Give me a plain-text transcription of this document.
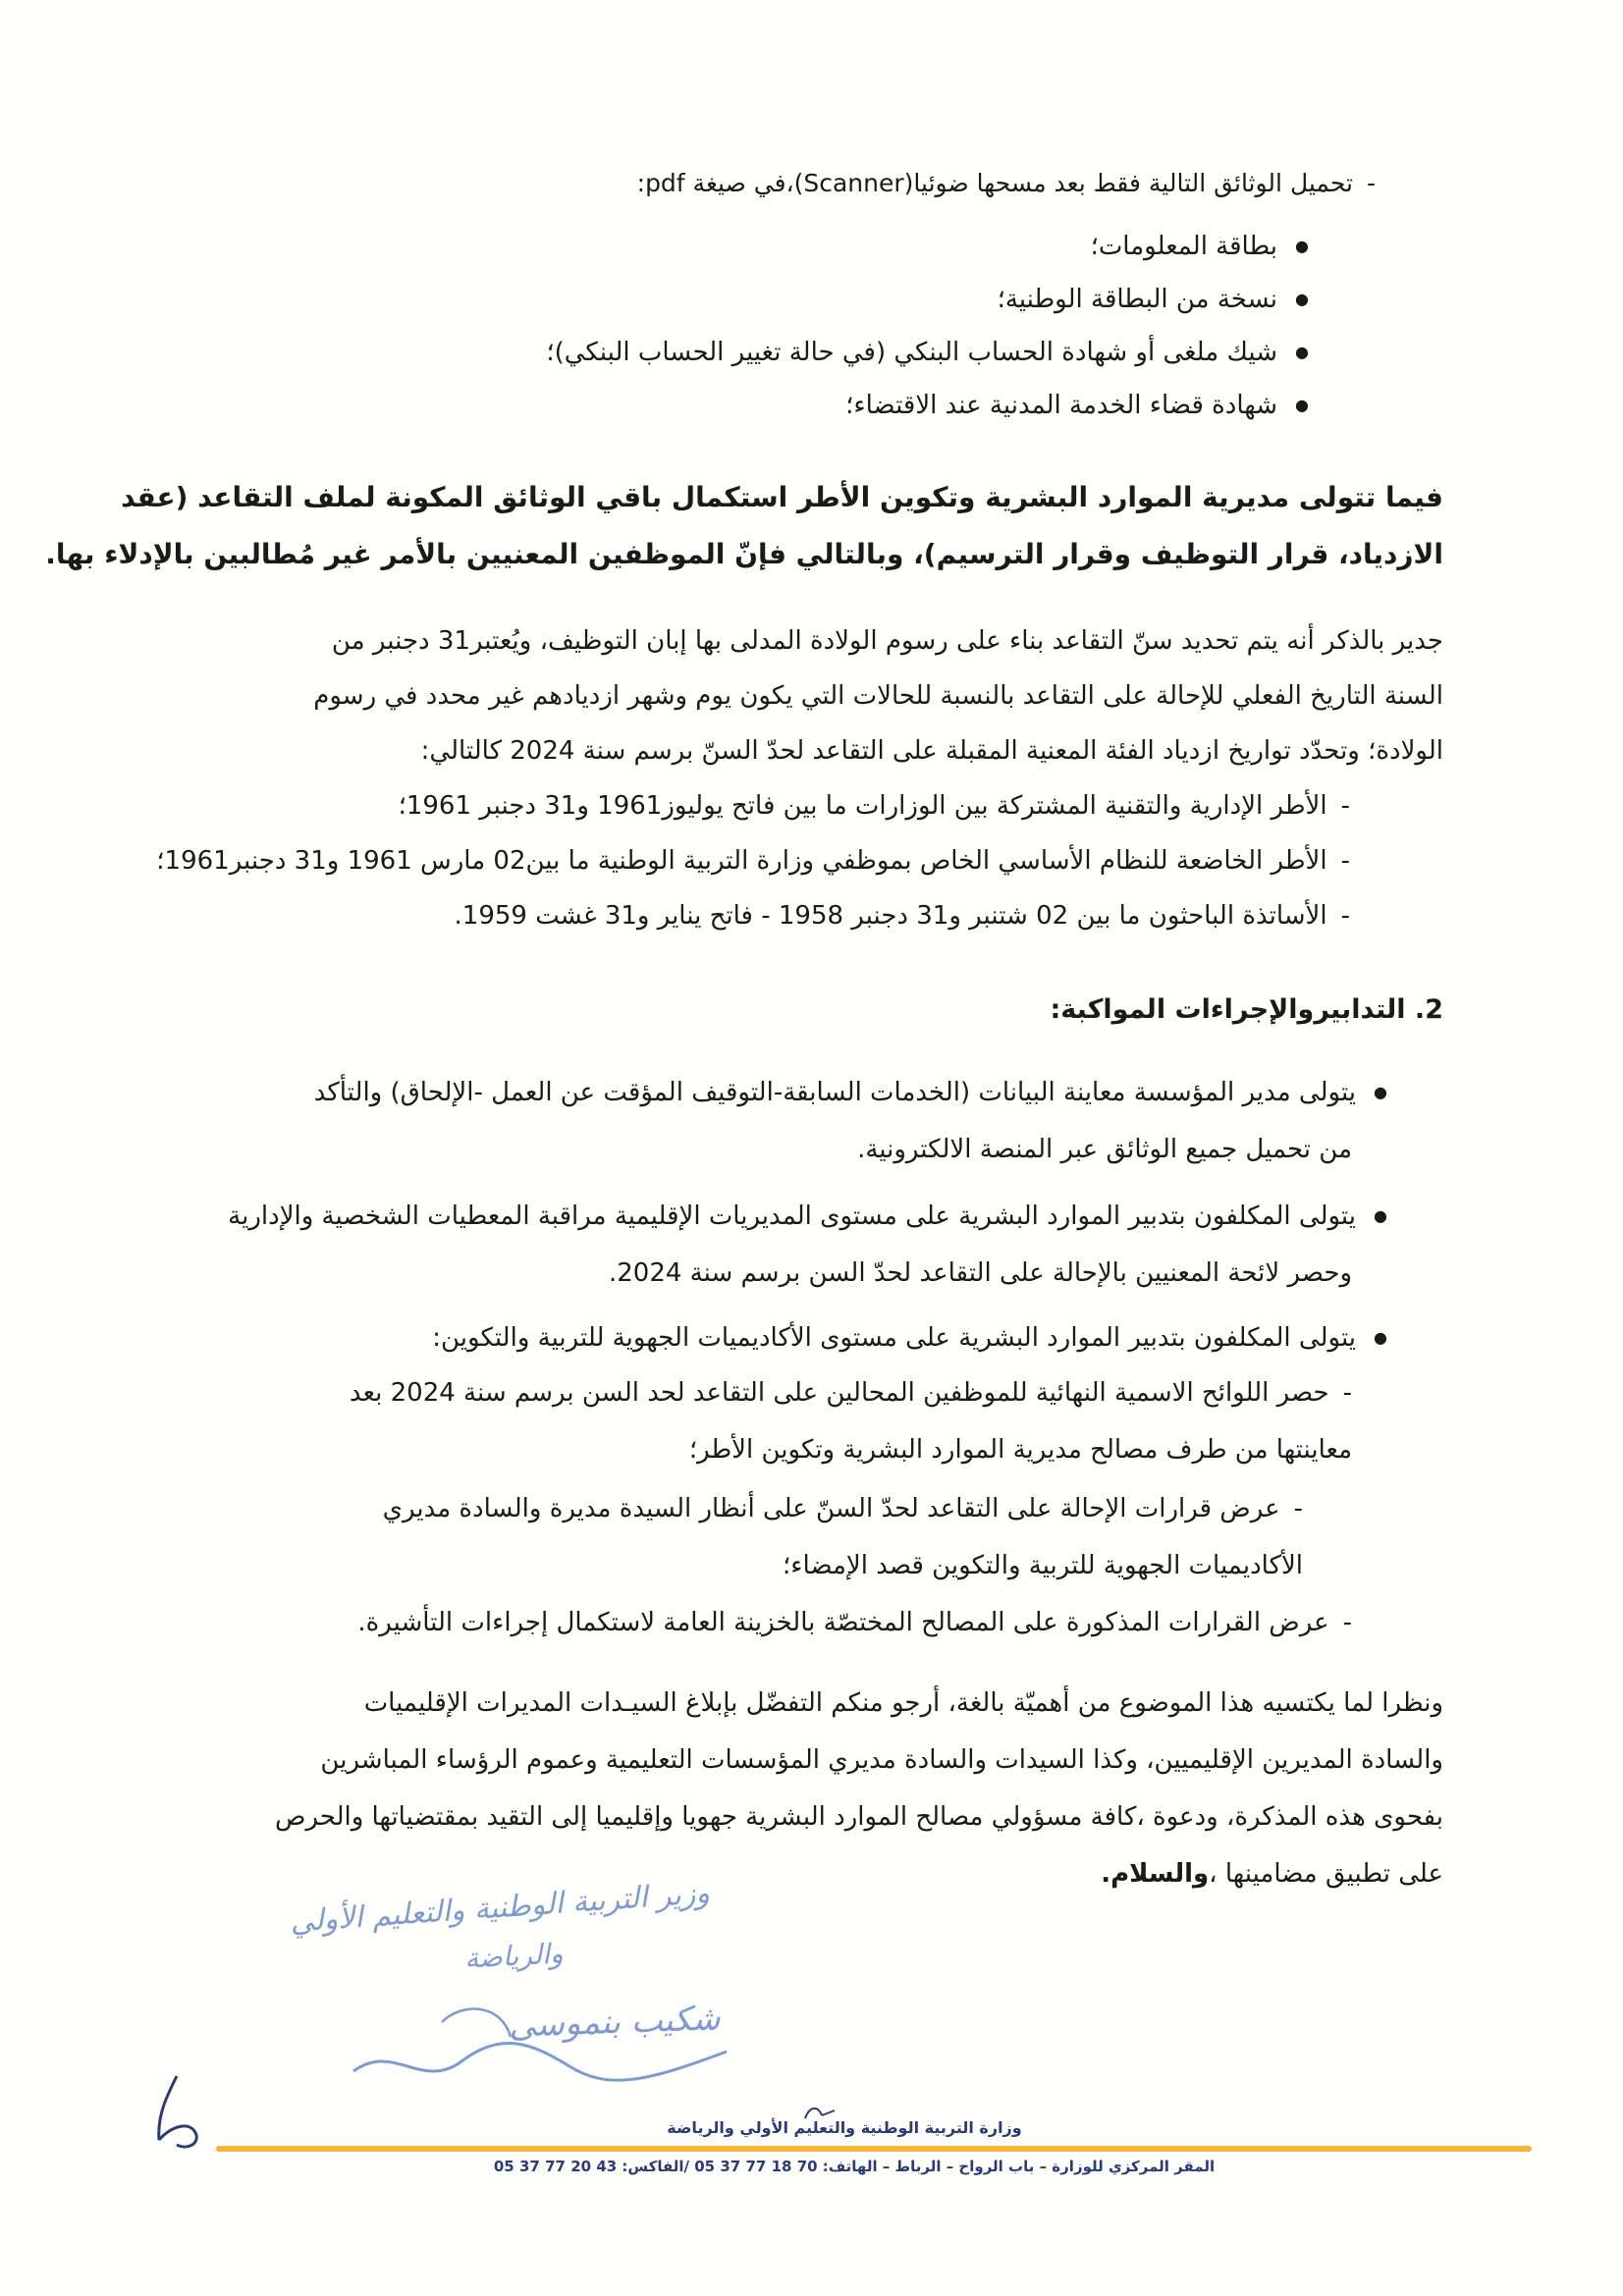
- تحميل الوثائق التالية فقط بعد مسحها ضوئيا(Scanner)،في صيغة pdf:
● بطاقة المعلومات؛
● نسخة من البطاقة الوطنية؛
● شيك ملغى أو شهادة الحساب البنكي (في حالة تغيير الحساب البنكي)؛
● شهادة قضاء الخدمة المدنية عند الاقتضاء؛
فيما تتولى مديرية الموارد البشرية وتكوين الأطر استكمال باقي الوثائق المكونة لملف التقاعد (عقد
الازدياد، قرار التوظيف وقرار الترسيم)، وبالتالي فإنّ الموظفين المعنيين بالأمر غير مُطالبين بالإدلاء بها.
جدير بالذكر أنه يتم تحديد سنّ التقاعد بناء على رسوم الولادة المدلى بها إبان التوظيف، ويُعتبر31 دجنبر من
السنة التاريخ الفعلي للإحالة على التقاعد بالنسبة للحالات التي يكون يوم وشهر ازديادهم غير محدد في رسوم
الولادة؛ وتحدّد تواريخ ازدياد الفئة المعنية المقبلة على التقاعد لحدّ السنّ برسم سنة 2024 كالتالي:
- الأطر الإدارية والتقنية المشتركة بين الوزارات ما بين فاتح يوليوز1961 و31 دجنبر 1961؛
- الأطر الخاضعة للنظام الأساسي الخاص بموظفي وزارة التربية الوطنية ما بين02 مارس 1961 و31 دجنبر1961؛
- الأساتذة الباحثون ما بين 02 شتنبر و31 دجنبر 1958 - فاتح يناير و31 غشت 1959.
2. التدابيروالإجراءات المواكبة:
● يتولى مدير المؤسسة معاينة البيانات (الخدمات السابقة-التوقيف المؤقت عن العمل -الإلحاق) والتأكد
من تحميل جميع الوثائق عبر المنصة الالكترونية.
● يتولى المكلفون بتدبير الموارد البشرية على مستوى المديريات الإقليمية مراقبة المعطيات الشخصية والإدارية
وحصر لائحة المعنيين بالإحالة على التقاعد لحدّ السن برسم سنة 2024.
● يتولى المكلفون بتدبير الموارد البشرية على مستوى الأكاديميات الجهوية للتربية والتكوين:
- حصر اللوائح الاسمية النهائية للموظفين المحالين على التقاعد لحد السن برسم سنة 2024 بعد
معاينتها من طرف مصالح مديرية الموارد البشرية وتكوين الأطر؛
- عرض قرارات الإحالة على التقاعد لحدّ السنّ على أنظار السيدة مديرة والسادة مديري
الأكاديميات الجهوية للتربية والتكوين قصد الإمضاء؛
- عرض القرارات المذكورة على المصالح المختصّة بالخزينة العامة لاستكمال إجراءات التأشيرة.
ونظرا لما يكتسيه هذا الموضوع من أهميّة بالغة، أرجو منكم التفضّل بإبلاغ السيـدات المديرات الإقليميات
والسادة المديرين الإقليميين، وكذا السيدات والسادة مديري المؤسسات التعليمية وعموم الرؤساء المباشرين
بفحوى هذه المذكرة، ودعوة ،كافة مسؤولي مصالح الموارد البشرية جهويا وإقليميا إلى التقيد بمقتضياتها والحرص
على تطبيق مضامينها ،والسلام.
وزير التربية الوطنية والتعليم الأولي
والرياضة
شكيب بنموسى
وزارة التربية الوطنية والتعليم الأولي والرياضة
المقر المركزي للوزارة – باب الرواح – الرباط – الهاتف: 70 18 77 37 05 /الفاكس: 43 20 77 37 05
